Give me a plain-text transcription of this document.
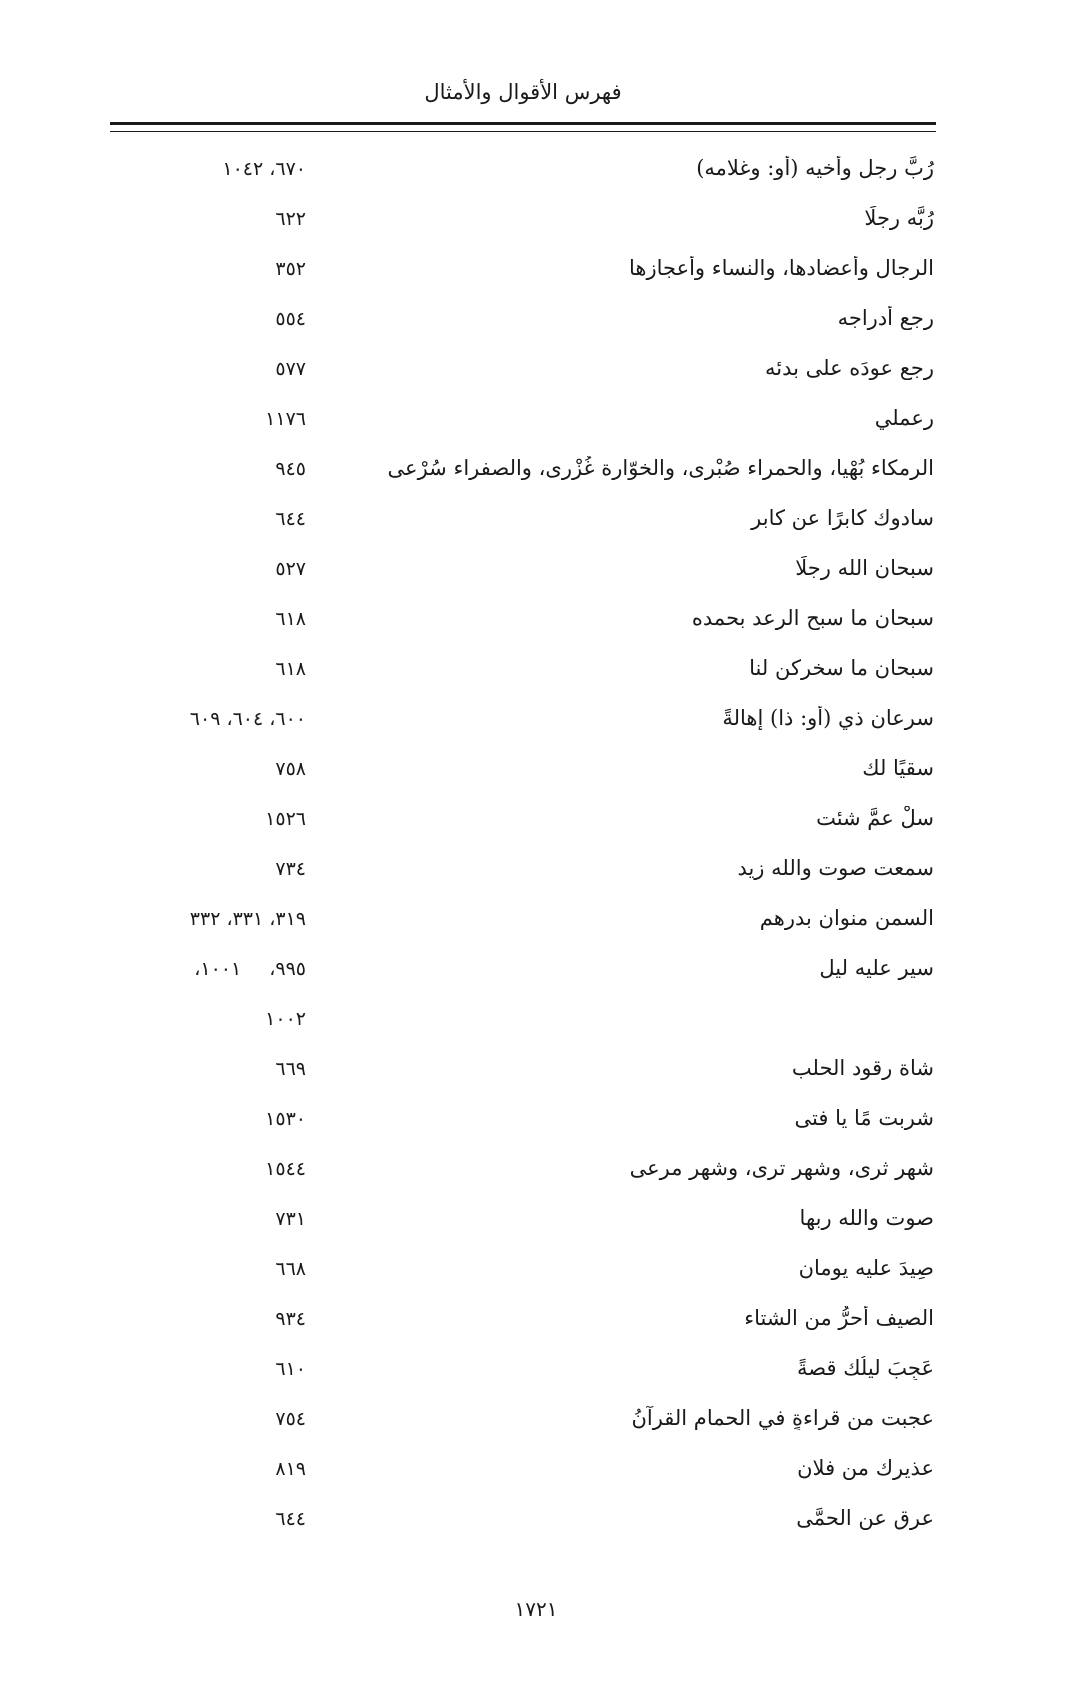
فهرس الأقوال والأمثال
رُبَّ رجل وأخيه (أو: وغلامه)
٦٧٠، ١٠٤٢
رُبَّه رجلًا
٦٢٢
الرجال وأعضادها، والنساء وأعجازها
٣٥٢
رجع أدراجه
٥٥٤
رجع عودَه على بدئه
٥٧٧
رعملي
١١٧٦
الرمكاء بُهْيا، والحمراء صُبْرى، والخوّارة غُزْرى، والصفراء سُرْعى
٩٤٥
سادوك كابرًا عن كابر
٦٤٤
سبحان الله رجلًا
٥٢٧
سبحان ما سبح الرعد بحمده
٦١٨
سبحان ما سخركن لنا
٦١٨
سرعان ذي (أو: ذا) إهالةً
٦٠٠، ٦٠٤، ٦٠٩
سقيًا لك
٧٥٨
سلْ عمَّ شئت
١٥٢٦
سمعت صوت والله زيد
٧٣٤
السمن منوان بدرهم
٣١٩، ٣٣١، ٣٣٢
سير عليه ليل
٩٩٥، ١٠٠١،
١٠٠٢
شاة رقود الحلب
٦٦٩
شربت مًا يا فتى
١٥٣٠
شهر ثرى، وشهر ترى، وشهر مرعى
١٥٤٤
صوت والله ربها
٧٣١
صِيدَ عليه يومان
٦٦٨
الصيف أحرُّ من الشتاء
٩٣٤
عَجِبَ ليلُك قصةً
٦١٠
عجبت من قراءةٍ في الحمام القرآنُ
٧٥٤
عذيرك من فلان
٨١٩
عرق عن الحمَّى
٦٤٤
١٧٢١
